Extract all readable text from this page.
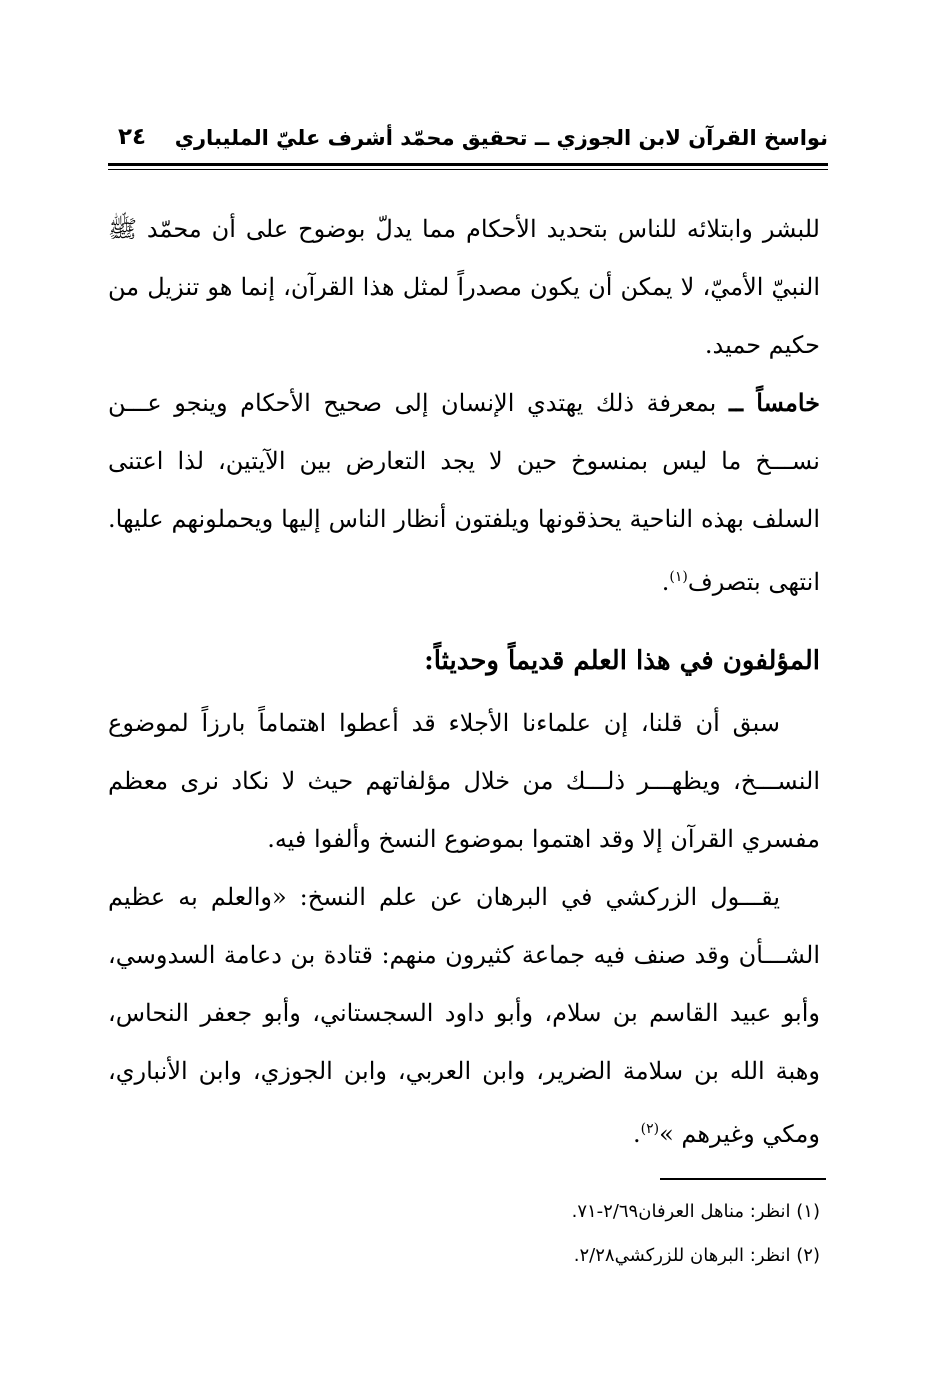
نواسخ القرآن لابن الجوزي ــ تحقيق محمّد أشرف عليّ المليباري
٢٤

للبشر وابتلائه للناس بتحديد الأحكام مما يدلّ بوضوح على أن محمّد ﷺ النبيّ الأميّ، لا يمكن أن يكون مصدراً لمثل هذا القرآن، إنما هو تنزيل من حكيم حميد.

خامساً ــ بمعرفة ذلك يهتدي الإنسان إلى صحيح الأحكام وينجو عـــن نســـخ ما ليس بمنسوخ حين لا يجد التعارض بين الآيتين، لذا اعتنى السلف بهذه الناحية يحذقونها ويلفتون أنظار الناس إليها ويحملونهم عليها. انتهى بتصرف$^{(١)}$.

المؤلفون في هذا العلم قديماً وحديثاً:

سبق أن قلنا، إن علماءنا الأجلاء قد أعطوا اهتماماً بارزاً لموضوع النســـخ، ويظهـــر ذلـــك من خلال مؤلفاتهم حيث لا نكاد نرى معظم مفسري القرآن إلا وقد اهتموا بموضوع النسخ وألفوا فيه.

يقـــول الزركشي في البرهان عن علم النسخ: «والعلم به عظيم الشـــأن وقد صنف فيه جماعة كثيرون منهم: قتادة بن دعامة السدوسي، وأبو عبيد القاسم بن سلام، وأبو داود السجستاني، وأبو جعفر النحاس، وهبة الله بن سلامة الضرير، وابن العربي، وابن الجوزي، وابن الأنباري، ومكي وغيرهم »$^{(٢)}$.

(١) انظر: مناهل العرفان٢/٦٩-٧١.

(٢) انظر: البرهان للزركشي٢/٢٨.
